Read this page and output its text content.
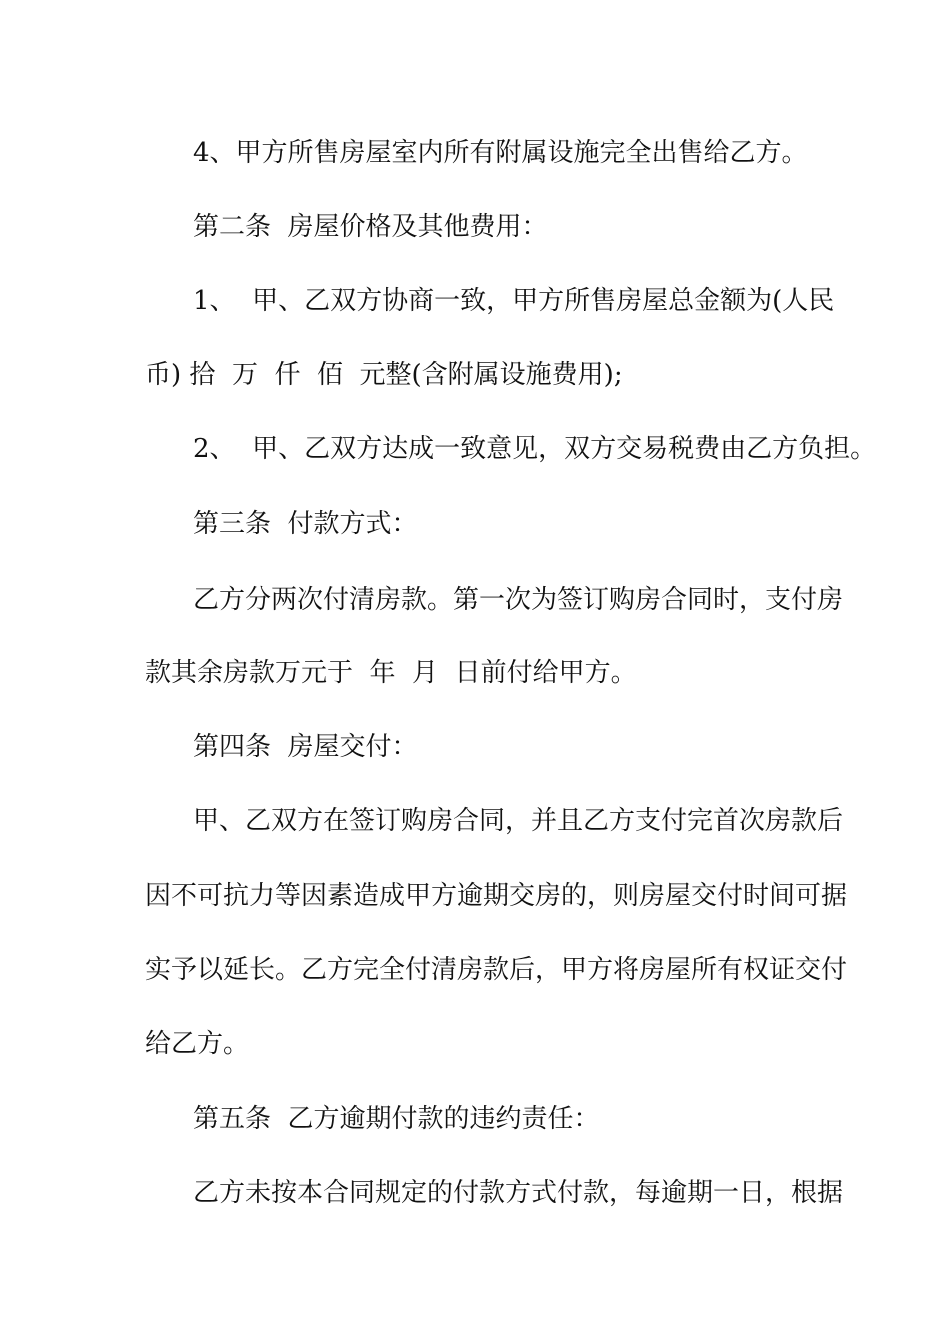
4、甲方所售房屋室内所有附属设施完全出售给乙方。
第二条  房屋价格及其他费用：
1、  甲、乙双方协商一致，甲方所售房屋总金额为(人民
币) 拾  万  仟  佰  元整(含附属设施费用);
2、  甲、乙双方达成一致意见，双方交易税费由乙方负担。
第三条  付款方式：
乙方分两次付清房款。第一次为签订购房合同时，支付房
款其余房款万元于  年  月  日前付给甲方。
第四条  房屋交付：
甲、乙双方在签订购房合同，并且乙方支付完首次房款后
因不可抗力等因素造成甲方逾期交房的，则房屋交付时间可据
实予以延长。乙方完全付清房款后，甲方将房屋所有权证交付
给乙方。
第五条  乙方逾期付款的违约责任：
乙方未按本合同规定的付款方式付款，每逾期一日，根据
